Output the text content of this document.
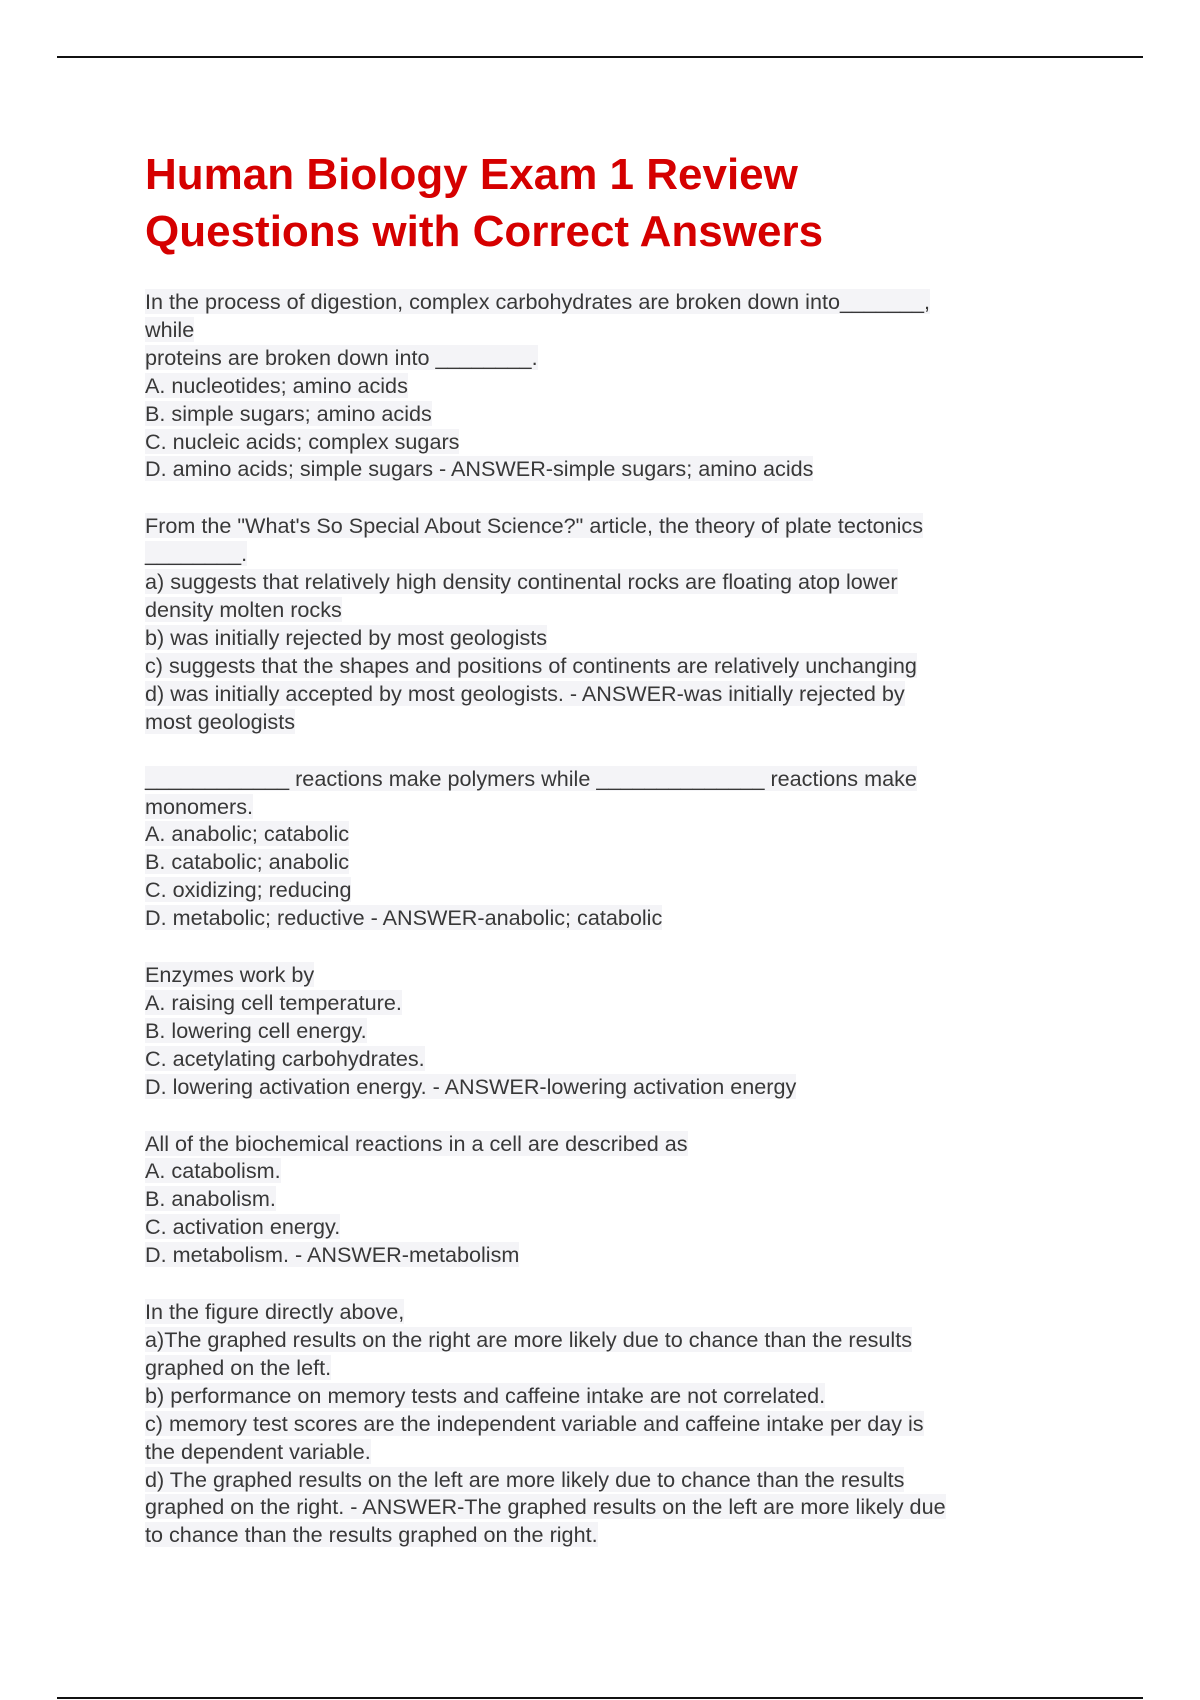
Human Biology Exam 1 Review
Questions with Correct Answers
In the process of digestion, complex carbohydrates are broken down into_______,
while
proteins are broken down into ________.
A. nucleotides; amino acids
B. simple sugars; amino acids
C. nucleic acids; complex sugars
D. amino acids; simple sugars - ANSWER-simple sugars; amino acids
From the "What's So Special About Science?" article, the theory of plate tectonics
________.
a) suggests that relatively high density continental rocks are floating atop lower
density molten rocks
b) was initially rejected by most geologists
c) suggests that the shapes and positions of continents are relatively unchanging
d) was initially accepted by most geologists. - ANSWER-was initially rejected by
most geologists
____________ reactions make polymers while ______________ reactions make
monomers.
A. anabolic; catabolic
B. catabolic; anabolic
C. oxidizing; reducing
D. metabolic; reductive - ANSWER-anabolic; catabolic
Enzymes work by
A. raising cell temperature.
B. lowering cell energy.
C. acetylating carbohydrates.
D. lowering activation energy. - ANSWER-lowering activation energy
All of the biochemical reactions in a cell are described as
A. catabolism.
B. anabolism.
C. activation energy.
D. metabolism. - ANSWER-metabolism
In the figure directly above,
a)The graphed results on the right are more likely due to chance than the results
graphed on the left.
b) performance on memory tests and caffeine intake are not correlated.
c) memory test scores are the independent variable and caffeine intake per day is
the dependent variable.
d) The graphed results on the left are more likely due to chance than the results
graphed on the right. - ANSWER-The graphed results on the left are more likely due
to chance than the results graphed on the right.
